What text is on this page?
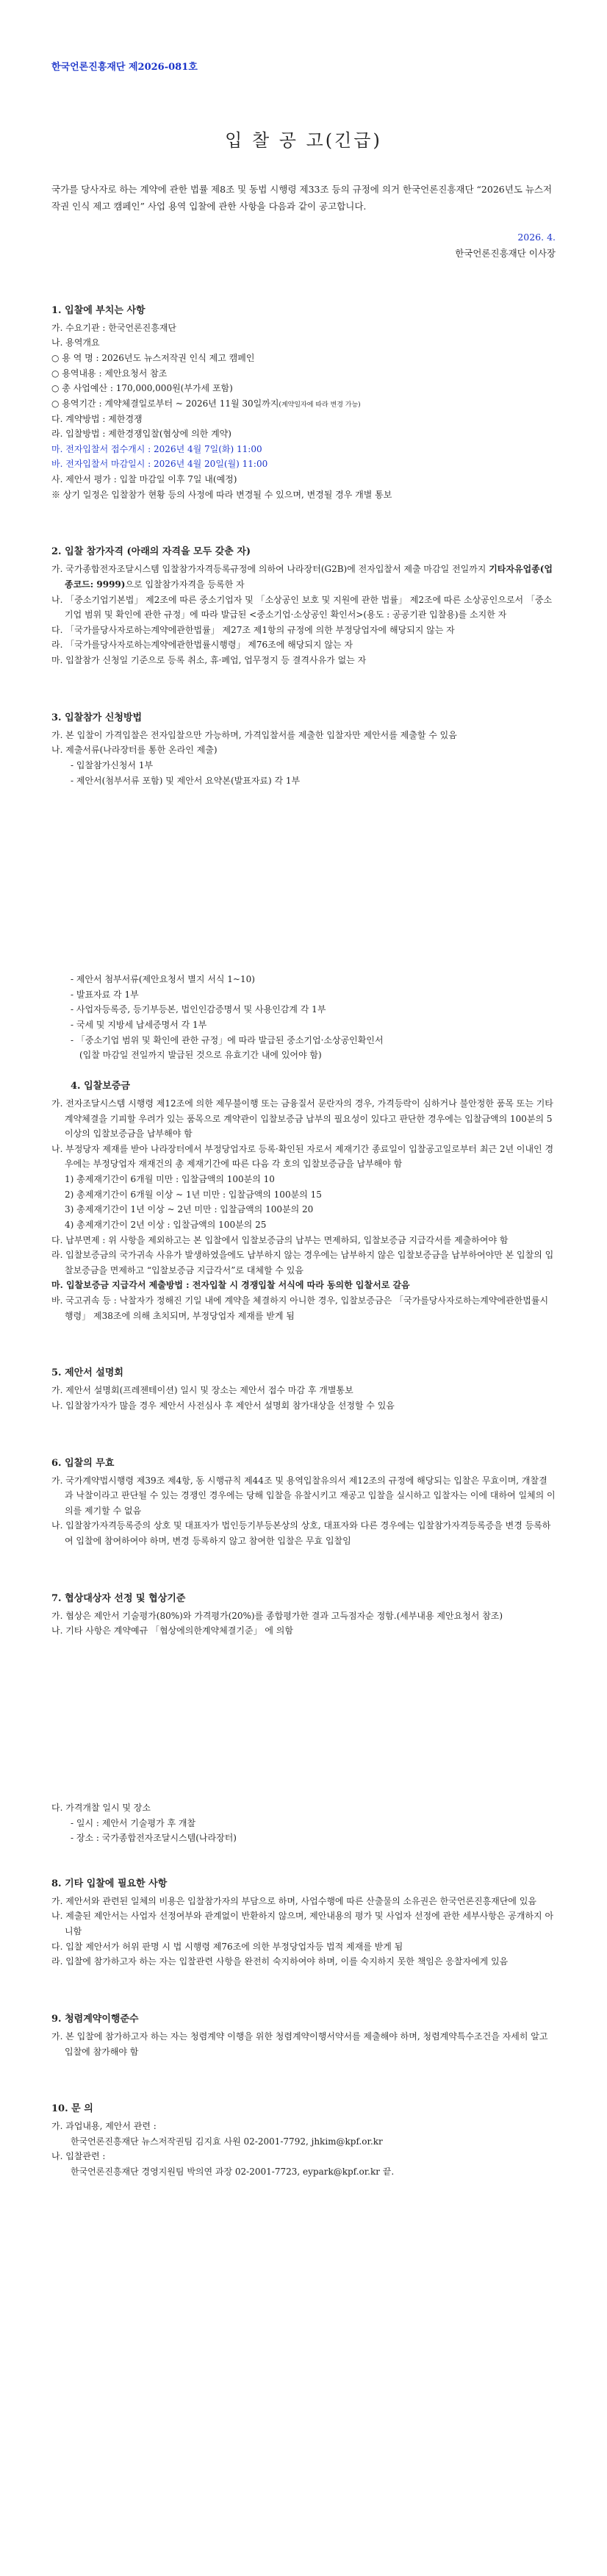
한국언론진흥재단 제2026-081호

입 찰 공 고(긴급)

국가를 당사자로 하는 계약에 관한 법률 제8조 및 동법 시행령 제33조 등의 규정에 의거 한국언론진흥재단 “2026년도 뉴스저작권 인식 제고 캠페인” 사업 용역 입찰에 관한 사항을 다음과 같이 공고합니다.

2026. 4.
한국언론진흥재단 이사장

1. 입찰에 부치는 사항

가. 수요기관 : 한국언론진흥재단

나. 용역개요

○ 용 역 명 : 2026년도 뉴스저작권 인식 제고 캠페인

○ 용역내용 : 제안요청서 참조

○ 총 사업예산 : 170,000,000원(부가세 포함)

○ 용역기간 : 계약체결일로부터 ~ 2026년 11월 30일까지(계약일자에 따라 변경 가능)

다. 계약방법 : 제한경쟁

라. 입찰방법 : 제한경쟁입찰(협상에 의한 계약)

마. 전자입찰서 접수개시 : 2026년 4월 7일(화) 11:00

바. 전자입찰서 마감일시 : 2026년 4월 20일(월) 11:00

사. 제안서 평가 : 입찰 마감일 이후 7일 내(예정)

※ 상기 일정은 입찰참가 현황 등의 사정에 따라 변경될 수 있으며, 변경될 경우 개별 통보

2. 입찰 참가자격 (아래의 자격을 모두 갖춘 자)

가. 국가종합전자조달시스템 입찰참가자격등록규정에 의하여 나라장터(G2B)에 전자입찰서 제출 마감일 전일까지 기타자유업종(업종코드: 9999)으로 입찰참가자격을 등록한 자

나. 「중소기업기본법」 제2조에 따른 중소기업자 및 「소상공인 보호 및 지원에 관한 법률」 제2조에 따른 소상공인으로서 「중소기업 범위 및 확인에 관한 규정」에 따라 발급된 <중소기업·소상공인 확인서>(용도 : 공공기관 입찰용)를 소지한 자

다. 「국가를당사자로하는계약에관한법률」 제27조 제1항의 규정에 의한 부정당업자에 해당되지 않는 자

라. 「국가를당사자로하는계약에관한법률시행령」 제76조에 해당되지 않는 자

마. 입찰참가 신청일 기준으로 등록 취소, 휴·폐업, 업무정지 등 결격사유가 없는 자

3. 입찰참가 신청방법

가. 본 입찰이 가격입찰은 전자입찰으만 가능하며, 가격입찰서를 제출한 입찰자만 제안서를 제출할 수 있음

나. 제출서류(나라장터를 통한 온라인 제출)

- 입찰참가신청서 1부

- 제안서(첨부서류 포함) 및 제안서 요약본(발표자료) 각 1부

- 제안서 첨부서류(제안요청서 별지 서식 1~10)

- 발표자료 각 1부

- 사업자등록증, 등기부등본, 법인인감증명서 및 사용인감계 각 1부

- 국세 및 지방세 납세증명서 각 1부

- 「중소기업 범위 및 확인에 관한 규정」에 따라 발급된 중소기업·소상공인확인서

(입찰 마감일 전일까지 발급된 것으로 유효기간 내에 있어야 함)

4. 입찰보증금

가. 전자조달시스템 시행령 제12조에 의한 제무불이행 또는 금융질서 문란자의 경우, 가격등락이 심하거나 불안정한 품목 또는 기타 계약체결을 기피할 우려가 있는 품목으로 계약관이 입찰보증금 납부의 필요성이 있다고 판단한 경우에는 입찰금액의 100분의 5 이상의 입찰보증금을 납부해야 함

나. 부정당자 제재를 받아 나라장터에서 부정당업자로 등록·확인된 자로서 제재기간 종료일이 입찰공고일로부터 최근 2년 이내인 경우에는 부정당업자 재재건의 총 제재기간에 따른 다음 각 호의 입찰보증금을 납부해야 함

1) 총제재기간이 6개월 미만 : 입찰금액의 100분의 10

2) 총제재기간이 6개월 이상 ~ 1년 미만 : 입찰금액의 100분의 15

3) 총제재기간이 1년 이상 ~ 2년 미만 : 입찰금액의 100분의 20

4) 총제재기간이 2년 이상 : 입찰금액의 100분의 25

다. 납부면제 : 위 사항을 제외하고는 본 입찰에서 입찰보증금의 납부는 면제하되, 입찰보증금 지급각서를 제출하여야 함

라. 입찰보증금의 국가귀속 사유가 발생하였을에도 납부하지 않는 경우에는 납부하지 않은 입찰보증금을 납부하여야만 본 입찰의 입찰보증금을 면제하고 “입찰보증금 지급각서”로 대체할 수 있음

마. 입찰보증금 지급각서 제출방법 : 전자입찰 시 경쟁입찰 서식에 따라 동의한 입찰서로 갈음

바. 국고귀속 등 : 낙찰자가 정해진 기일 내에 계약을 체결하지 아니한 경우, 입찰보증금은 「국가를당사자로하는계약에관한법률시행령」 제38조에 의해 초치되며, 부정당업자 제재를 받게 됨

5. 제안서 설명회

가. 제안서 설명회(프레젠테이션) 일시 및 장소는 제안서 접수 마감 후 개별통보

나. 입찰참가자가 많을 경우 제안서 사전심사 후 제안서 설명회 참가대상을 선정할 수 있음

6. 입찰의 무효

가. 국가계약법시행령 제39조 제4항, 동 시행규칙 제44조 및 용역입찰유의서 제12조의 규정에 해당되는 입찰은 무효이며, 개찰결과 낙찰이라고 판단될 수 있는 경쟁인 경우에는 당해 입찰을 유찰시키고 재공고 입찰을 실시하고 입찰자는 이에 대하여 일체의 이의를 제기할 수 없음

나. 입찰참가자격등록증의 상호 및 대표자가 법인등기부등본상의 상호, 대표자와 다른 경우에는 입찰참가자격등록증을 변경 등록하여 입찰에 참여하여야 하며, 변경 등록하지 않고 참여한 입찰은 무효 입찰임

7. 협상대상자 선정 및 협상기준

가. 협상은 제안서 기술평가(80%)와 가격평가(20%)를 종합평가한 결과 고득점자순 정함.(세부내용 제안요청서 참조)

나. 기타 사항은 계약예규 「협상에의한계약체결기준」 에 의함

다. 가격개찰 일시 및 장소

- 일시 : 제안서 기술평가 후 개찰

- 장소 : 국가종합전자조달시스템(나라장터)

8. 기타 입찰에 필요한 사항

가. 제안서와 관련된 일체의 비용은 입찰참가자의 부담으로 하며, 사업수행에 따른 산출물의 소유권은 한국언론진흥재단에 있음

나. 제출된 제안서는 사업자 선정여부와 관계없이 반환하지 않으며, 제안내용의 평가 및 사업자 선정에 관한 세부사항은 공개하지 아니함

다. 입찰 제안서가 허위 판명 시 법 시행령 제76조에 의한 부정당업자등 법적 제재를 받게 됨

라. 입찰에 참가하고자 하는 자는 입찰관련 사항을 완전히 숙지하여야 하며, 이를 숙지하지 못한 책임은 응찰자에게 있음

9. 청렴계약이행준수

가. 본 입찰에 참가하고자 하는 자는 청렴계약 이행을 위한 청렴계약이행서약서를 제출해야 하며, 청렴계약특수조건을 자세히 알고 입찰에 참가해야 함

10. 문 의

가. 과업내용, 제안서 관련 :

한국언론진흥재단 뉴스저작권팀 김지효 사원 02-2001-7792, jhkim@kpf.or.kr

나. 입찰관련 :

한국언론진흥재단 경영지원팀 박의연 과장 02-2001-7723, eypark@kpf.or.kr 끝.
